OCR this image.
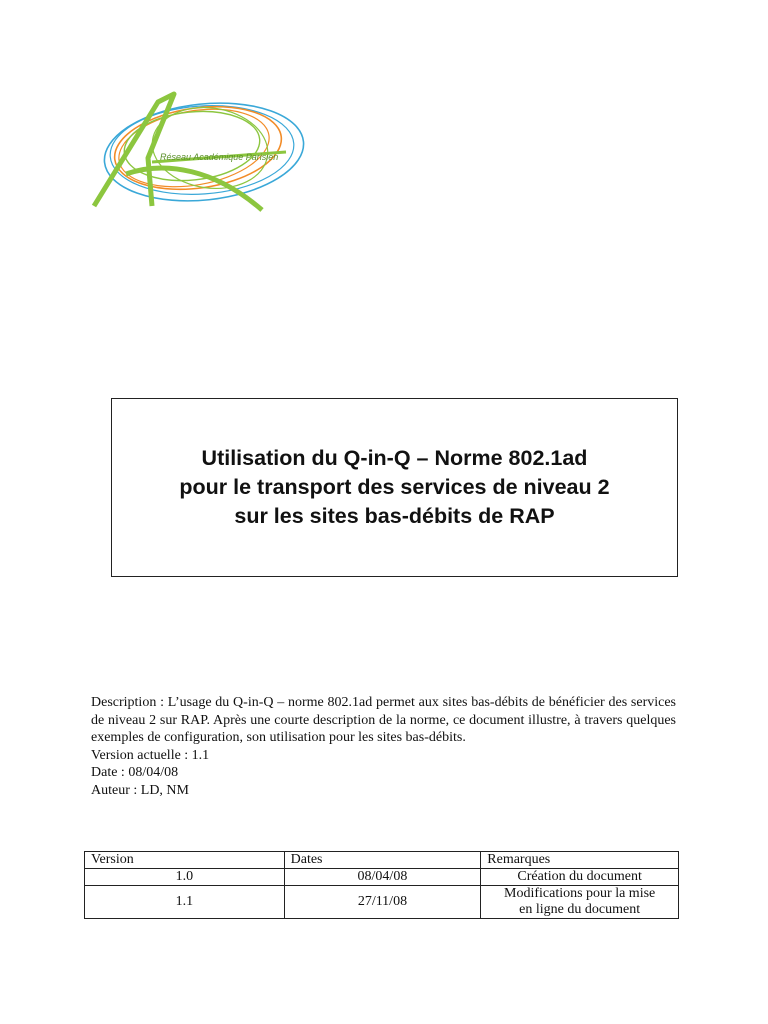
Réseau Académique Parisien
Utilisation du Q-in-Q – Norme 802.1ad
pour le transport des services de niveau 2
sur les sites bas-débits de RAP

Description : L’usage du Q-in-Q – norme 802.1ad permet aux sites bas-débits de bénéficier des services de niveau 2 sur RAP. Après une courte description de la norme, ce document illustre, à travers quelques exemples de configuration, son utilisation pour les sites bas-débits.

Version actuelle : 1.1

Date : 08/04/08

Auteur : LD, NM

Version	Dates	Remarques
1.0	08/04/08	Création du document
1.1	27/11/08	Modifications pour la mise
en ligne du document
